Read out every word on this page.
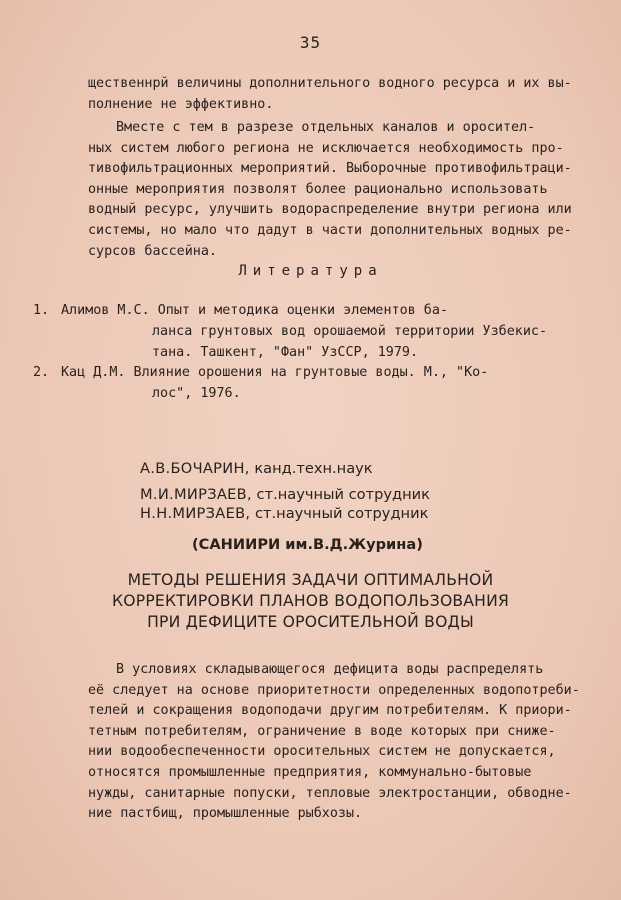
35
щественнрй величины дополнительного водного ресурса и их вы-
полнение не эффективно.
Вместе с тем в разрезе отдельных каналов и оросител-
ных систем любого региона не исключается необходимость про-
тивофильтрационных мероприятий. Выборочные противофильтраци-
онные мероприятия позволят более рационально использовать
водный ресурс, улучшить водораспределение внутри региона или
системы, но мало что дадут в части дополнительных водных ре-
сурсов бассейна.
Литература
1. Алимов М.С. Опыт и методика оценки элементов ба-
ланса грунтовых вод орошаемой территории Узбекис-
тана. Ташкент, "Фан" УзССР, 1979.
2. Кац Д.М. Влияние орошения на грунтовые воды. М., "Ко-
лос", 1976.
А.В.БОЧАРИН, канд.техн.наук
М.И.МИРЗАЕВ, ст.научный сотрудник
Н.Н.МИРЗАЕВ, ст.научный сотрудник
(САНИИРИ им.В.Д.Журина)
МЕТОДЫ РЕШЕНИЯ ЗАДАЧИ ОПТИМАЛЬНОЙ
КОРРЕКТИРОВКИ ПЛАНОВ ВОДОПОЛЬЗОВАНИЯ
ПРИ ДЕФИЦИТЕ ОРОСИТЕЛЬНОЙ ВОДЫ
В условиях складывающегося дефицита воды распределять
её следует на основе приоритетности определенных водопотреби-
телей и сокращения водоподачи другим потребителям. К приори-
тетным потребителям, ограничение в воде которых при сниже-
нии водообеспеченности оросительных систем не допускается,
относятся промышленные предприятия, коммунально-бытовые
нужды, санитарные попуски, тепловые электростанции, обводне-
ние пастбищ, промышленные рыбхозы.
